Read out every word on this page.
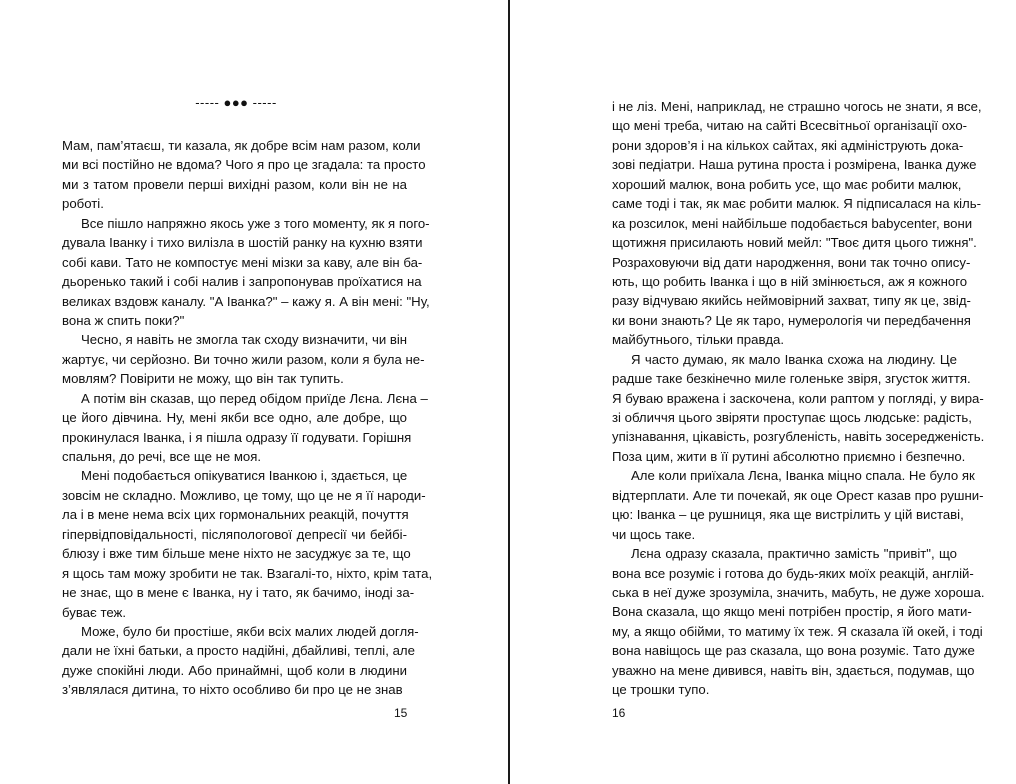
----- ●●● -----
Мам, пам’ятаєш, ти казала, як добре всім нам разом, коли
ми всі постійно не вдома? Чого я про це згадала: та просто
ми з татом провели перші вихідні разом, коли він не на
роботі.
Все пішло напряжно якось уже з того моменту, як я пого-
дувала Іванку і тихо вилізла в шостій ранку на кухню взяти
собі кави. Тато не компостує мені мізки за каву, але він ба-
дьоренько такий і собі налив і запропонував проїхатися на
великах вздовж каналу. "А Іванка?" – кажу я. А він мені: "Ну,
вона ж спить поки?"
Чесно, я навіть не змогла так сходу визначити, чи він
жартує, чи серйозно. Ви точно жили разом, коли я була не-
мовлям? Повірити не можу, що він так тупить.
А потім він сказав, що перед обідом приїде Лєна. Лєна –
це його дівчина. Ну, мені якби все одно, але добре, що
прокинулася Іванка, і я пішла одразу її годувати. Горішня
спальня, до речі, все ще не моя.
Мені подобається опікуватися Іванкою і, здається, це
зовсім не складно. Можливо, це тому, що це не я її народи-
ла і в мене нема всіх цих гормональних реакцій, почуття
гіпервідповідальності, післяпологової депресії чи бейбі-
блюзу і вже тим більше мене ніхто не засуджує за те, що
я щось там можу зробити не так. Взагалі-то, ніхто, крім тата,
не знає, що в мене є Іванка, ну і тато, як бачимо, іноді за-
буває теж.
Може, було би простіше, якби всіх малих людей догля-
дали не їхні батьки, а просто надійні, дбайливі, теплі, але
дуже спокійні люди. Або принаймні, щоб коли в людини
з’являлася дитина, то ніхто особливо би про це не знав
15
і не ліз. Мені, наприклад, не страшно чогось не знати, я все,
що мені треба, читаю на сайті Всесвітньої організації охо-
рони здоров’я і на кількох сайтах, які адмініструють дока-
зові педіатри. Наша рутина проста і розмірена, Іванка дуже
хороший малюк, вона робить усе, що має робити малюк,
саме тоді і так, як має робити малюк. Я підписалася на кіль-
ка розсилок, мені найбільше подобається babycenter, вони
щотижня присилають новий мейл: "Твоє дитя цього тижня".
Розраховуючи від дати народження, вони так точно опису-
ють, що робить Іванка і що в ній змінюється, аж я кожного
разу відчуваю якийсь неймовірний захват, типу як це, звід-
ки вони знають? Це як таро, нумерологія чи передбачення
майбутнього, тільки правда.
Я часто думаю, як мало Іванка схожа на людину. Це
радше таке безкінечно миле голеньке звіря, згусток життя.
Я буваю вражена і заскочена, коли раптом у погляді, у вира-
зі обличчя цього звіряти проступає щось людське: радість,
упізнавання, цікавість, розгубленість, навіть зосередженість.
Поза цим, жити в її рутині абсолютно приємно і безпечно.
Але коли приїхала Лєна, Іванка міцно спала. Не було як
відтерплати. Але ти почекай, як оце Орест казав про рушни-
цю: Іванка – це рушниця, яка ще вистрілить у цій виставі,
чи щось таке.
Лєна одразу сказала, практично замість "привіт", що
вона все розуміє і готова до будь-яких моїх реакцій, англій-
ська в неї дуже зрозуміла, значить, мабуть, не дуже хороша.
Вона сказала, що якщо мені потрібен простір, я його мати-
му, а якщо обійми, то матиму їх теж. Я сказала їй окей, і тоді
вона навіщось ще раз сказала, що вона розуміє. Тато дуже
уважно на мене дивився, навіть він, здається, подумав, що
це трошки тупо.
16
